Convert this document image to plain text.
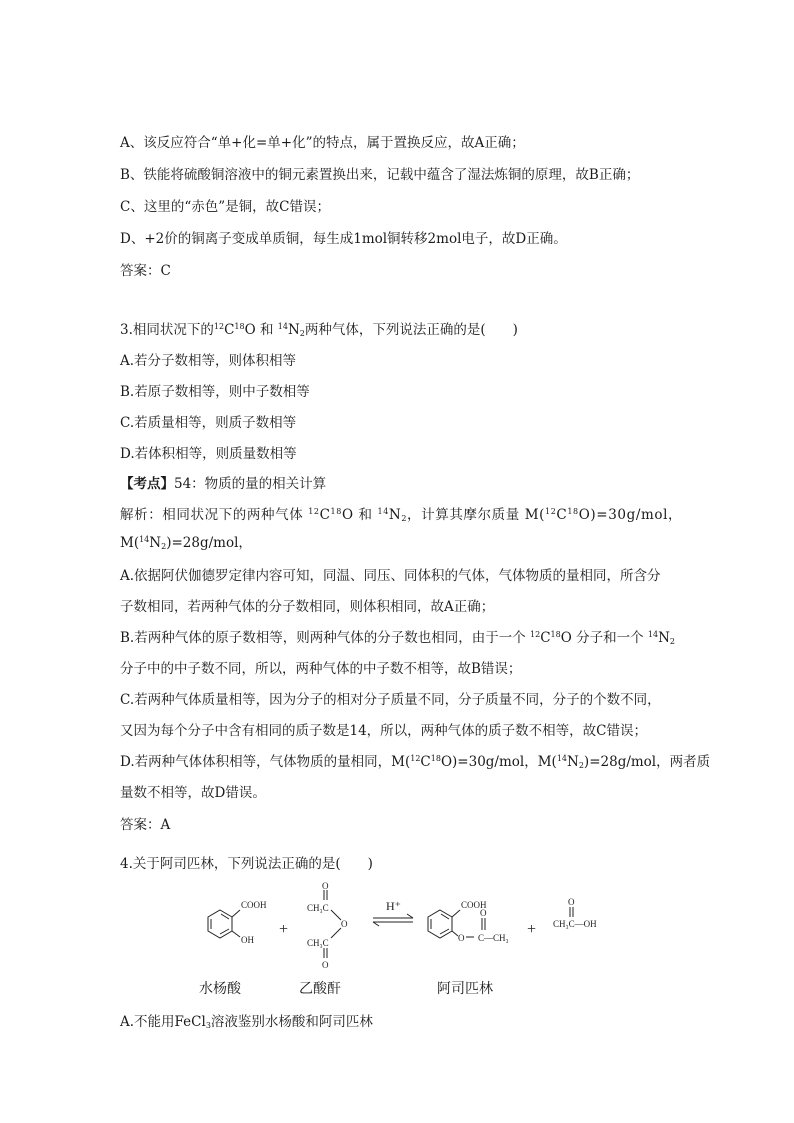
A、该反应符合“单+化=单+化”的特点，属于置换反应，故A正确；
B、铁能将硫酸铜溶液中的铜元素置换出来，记载中蕴含了湿法炼铜的原理，故B正确；
C、这里的“赤色”是铜，故C错误；
D、+2价的铜离子变成单质铜，每生成1mol铜转移2mol电子，故D正确。
答案：C
3.相同状况下的$^{12}C^{18}O$ 和 $^{14}N_2$两种气体，下列说法正确的是(　　)
A.若分子数相等，则体积相等
B.若原子数相等，则中子数相等
C.若质量相等，则质子数相等
D.若体积相等，则质量数相等
【考点】54：物质的量的相关计算
解析：相同状况下的两种气体 $^{12}C^{18}O$ 和 $^{14}N_2$，计算其摩尔质量 $M(^{12}C^{18}O)=30g$/mol，
$M(^{14}N_2)=28g$/mol，
A.依据阿伏伽德罗定律内容可知，同温、同压、同体积的气体，气体物质的量相同，所含分
子数相同，若两种气体的分子数相同，则体积相同，故A正确；
B.若两种气体的原子数相等，则两种气体的分子数也相同，由于一个 $^{12}C^{18}O$ 分子和一个 $^{14}N_2$
分子中的中子数不同，所以，两种气体的中子数不相等，故B错误；
C.若两种气体质量相等，因为分子的相对分子质量不同，分子质量不同，分子的个数不同，
又因为每个分子中含有相同的质子数是14，所以，两种气体的质子数不相等，故C错误；
D.若两种气体体积相等，气体物质的量相同，$M(^{12}C^{18}O)=30g$/mol，$M(^{14}N_2)=28g$/mol，两者质
量数不相等，故D错误。
答案：A
4.关于阿司匹林，下列说法正确的是(　　)
COOH
OH
+
O
CH₃C
O
CH₃C
O
H⁺	COOH
O
O C—CH₃ +
O
CH₃C—OH
水杨酸	乙酸酐	阿司匹林
A.不能用FeCl$_3$溶液鉴别水杨酸和阿司匹林
